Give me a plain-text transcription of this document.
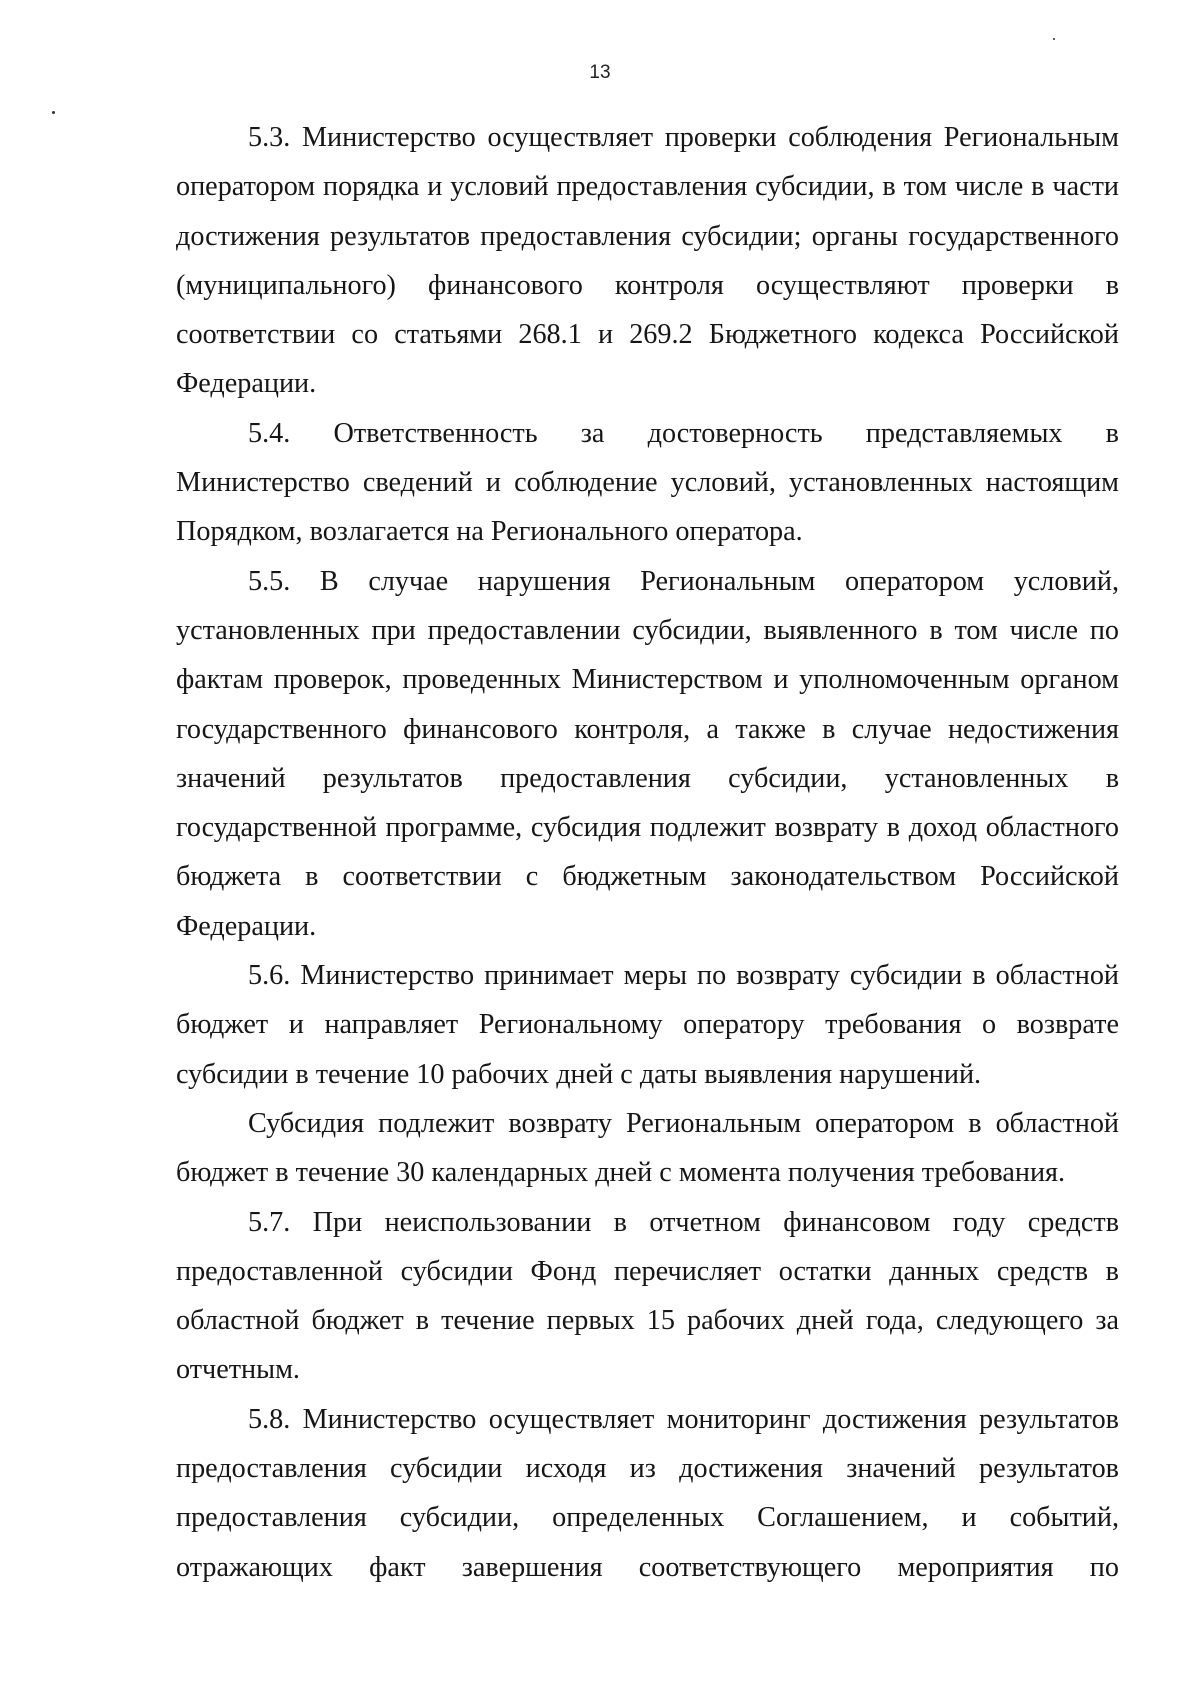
13

5.3. Министерство осуществляет проверки соблюдения Региональным оператором порядка и условий предоставления субсидии, в том числе в части достижения результатов предоставления субсидии; органы государственного (муниципального) финансового контроля осуществляют проверки в соответствии со статьями 268.1 и 269.2 Бюджетного кодекса Российской Федерации.

5.4. Ответственность за достоверность представляемых в Министерство сведений и соблюдение условий, установленных настоящим Порядком, возлагается на Регионального оператора.

5.5. В случае нарушения Региональным оператором условий, установленных при предоставлении субсидии, выявленного в том числе по фактам проверок, проведенных Министерством и уполномоченным органом государственного финансового контроля, а также в случае недостижения значений результатов предоставления субсидии, установленных в государственной программе, субсидия подлежит возврату в доход областного бюджета в соответствии с бюджетным законодательством Российской Федерации.

5.6. Министерство принимает меры по возврату субсидии в областной бюджет и направляет Региональному оператору требования о возврате субсидии в течение 10 рабочих дней с даты выявления нарушений.

Субсидия подлежит возврату Региональным оператором в областной бюджет в течение 30 календарных дней с момента получения требования.

5.7. При неиспользовании в отчетном финансовом году средств предоставленной субсидии Фонд перечисляет остатки данных средств в областной бюджет в течение первых 15 рабочих дней года, следующего за отчетным.

5.8. Министерство осуществляет мониторинг достижения результатов предоставления субсидии исходя из достижения значений результатов предоставления субсидии, определенных Соглашением, и событий, отражающих факт завершения соответствующего мероприятия по
